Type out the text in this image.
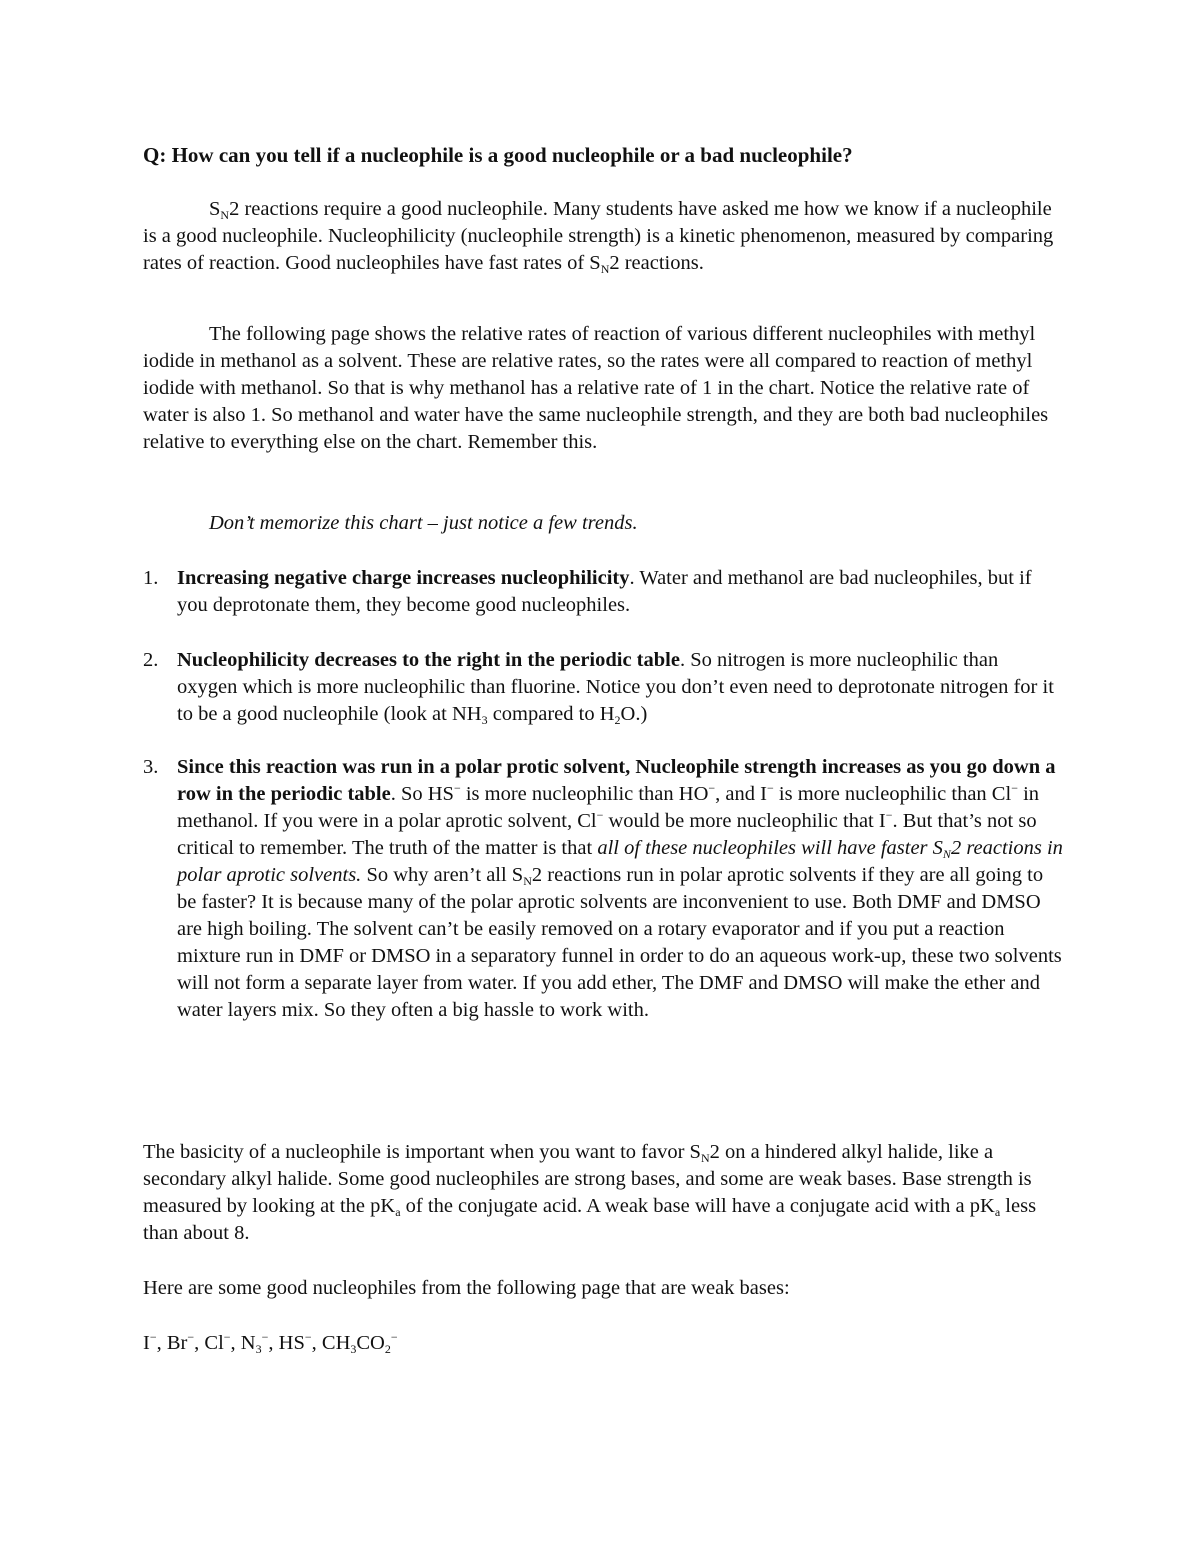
Q: How can you tell if a nucleophile is a good nucleophile or a bad nucleophile?

$S_N2$ reactions require a good nucleophile. Many students have asked me how we know if a nucleophile is a good nucleophile. Nucleophilicity (nucleophile strength) is a kinetic phenomenon, measured by comparing rates of reaction. Good nucleophiles have fast rates of $S_N2$ reactions.

The following page shows the relative rates of reaction of various different nucleophiles with methyl iodide in methanol as a solvent. These are relative rates, so the rates were all compared to reaction of methyl iodide with methanol. So that is why methanol has a relative rate of 1 in the chart. Notice the relative rate of water is also 1. So methanol and water have the same nucleophile strength, and they are both bad nucleophiles relative to everything else on the chart. Remember this.

Don’t memorize this chart – just notice a few trends.

1. Increasing negative charge increases nucleophilicity. Water and methanol are bad nucleophiles, but if you deprotonate them, they become good nucleophiles.
2. Nucleophilicity decreases to the right in the periodic table. So nitrogen is more nucleophilic than oxygen which is more nucleophilic than fluorine. Notice you don’t even need to deprotonate nitrogen for it to be a good nucleophile (look at $NH_3$ compared to $H_2O$.)
3. Since this reaction was run in a polar protic solvent, Nucleophile strength increases as you go down a row in the periodic table. So HS− is more nucleophilic than HO−, and I− is more nucleophilic than Cl− in methanol. If you were in a polar aprotic solvent, Cl− would be more nucleophilic that I−. But that’s not so critical to remember. The truth of the matter is that all of these nucleophiles will have faster $S_N2$ reactions in polar aprotic solvents. So why aren’t all $S_N2$ reactions run in polar aprotic solvents if they are all going to be faster? It is because many of the polar aprotic solvents are inconvenient to use. Both DMF and DMSO are high boiling. The solvent can’t be easily removed on a rotary evaporator and if you put a reaction mixture run in DMF or DMSO in a separatory funnel in order to do an aqueous work-up, these two solvents will not form a separate layer from water. If you add ether, The DMF and DMSO will make the ether and water layers mix. So they often a big hassle to work with.

The basicity of a nucleophile is important when you want to favor $S_N2$ on a hindered alkyl halide, like a secondary alkyl halide. Some good nucleophiles are strong bases, and some are weak bases. Base strength is measured by looking at the $pK_a$ of the conjugate acid. A weak base will have a conjugate acid with a $pK_a$ less than about 8.

Here are some good nucleophiles from the following page that are weak bases:

I−, Br−, Cl−, $N_3^-$, HS−, $CH_3CO_2^-$
